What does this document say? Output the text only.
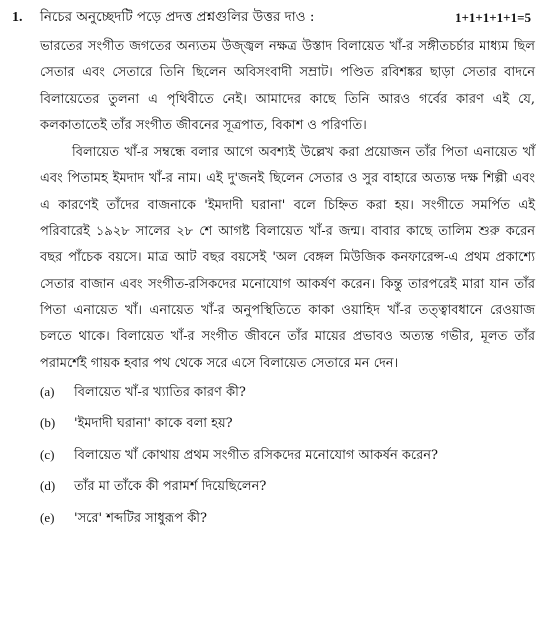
1.	নিচের অনুচ্ছেদটি পড়ে প্রদত্ত প্রশ্নগুলির উত্তর দাও :	1+1+1+1+1=5

ভারতের সংগীত জগতের অন্যতম উজ্জ্বল নক্ষত্র উস্তাদ বিলায়েত খাঁ-র সঙ্গীতচর্চার মাধ্যম ছিল সেতার এবং সেতারে তিনি ছিলেন অবিসংবাদী সম্রাট। পণ্ডিত রবিশঙ্কর ছাড়া সেতার বাদনে বিলায়েতের তুলনা এ পৃথিবীতে নেই। আমাদের কাছে তিনি আরও গর্বের কারণ এই যে, কলকাতাতেই তাঁর সংগীত জীবনের সূত্রপাত, বিকাশ ও পরিণতি।

বিলায়েত খাঁ-র সম্বন্ধে বলার আগে অবশ্যই উল্লেখ করা প্রয়োজন তাঁর পিতা এনায়েত খাঁ এবং পিতামহ ইমদাদ খাঁ-র নাম। এই দু'জনই ছিলেন সেতার ও সুর বাহারে অত্যন্ত দক্ষ শিল্পী এবং এ কারণেই তাঁদের বাজনাকে 'ইমদাদী ঘরানা' বলে চিহ্নিত করা হয়। সংগীতে সমর্পিত এই পরিবারেই ১৯২৮ সালের ২৮ শে আগষ্ট বিলায়েত খাঁ-র জন্ম। বাবার কাছে তালিম শুরু করেন বছর পাঁচেক বয়সে। মাত্র আট বছর বয়সেই 'অল বেঙ্গল মিউজিক কনফারেন্স-এ প্রথম প্রকাশ্যে সেতার বাজান এবং সংগীত-রসিকদের মনোযোগ আকর্ষণ করেন। কিন্তু তারপরেই মারা যান তাঁর পিতা এনায়েত খাঁ। এনায়েত খাঁ-র অনুপস্থিতিতে কাকা ওয়াহিদ খাঁ-র তত্ত্বাবধানে রেওয়াজ চলতে থাকে। বিলায়েত খাঁ-র সংগীত জীবনে তাঁর মায়ের প্রভাবও অত্যন্ত গভীর, মূলত তাঁর পরামর্শেই গায়ক হবার পথ থেকে সরে এসে বিলায়েত সেতারে মন দেন।

(a)	বিলায়েত খাঁ-র খ্যাতির কারণ কী?
(b)	'ইমদাদী ঘরানা' কাকে বলা হয়?
(c)	বিলায়েত খাঁ কোথায় প্রথম সংগীত রসিকদের মনোযোগ আকর্ষন করেন?
(d)	তাঁর মা তাঁকে কী পরামর্শ দিয়েছিলেন?
(e)	'সরে' শব্দটির সাধুরূপ কী?
